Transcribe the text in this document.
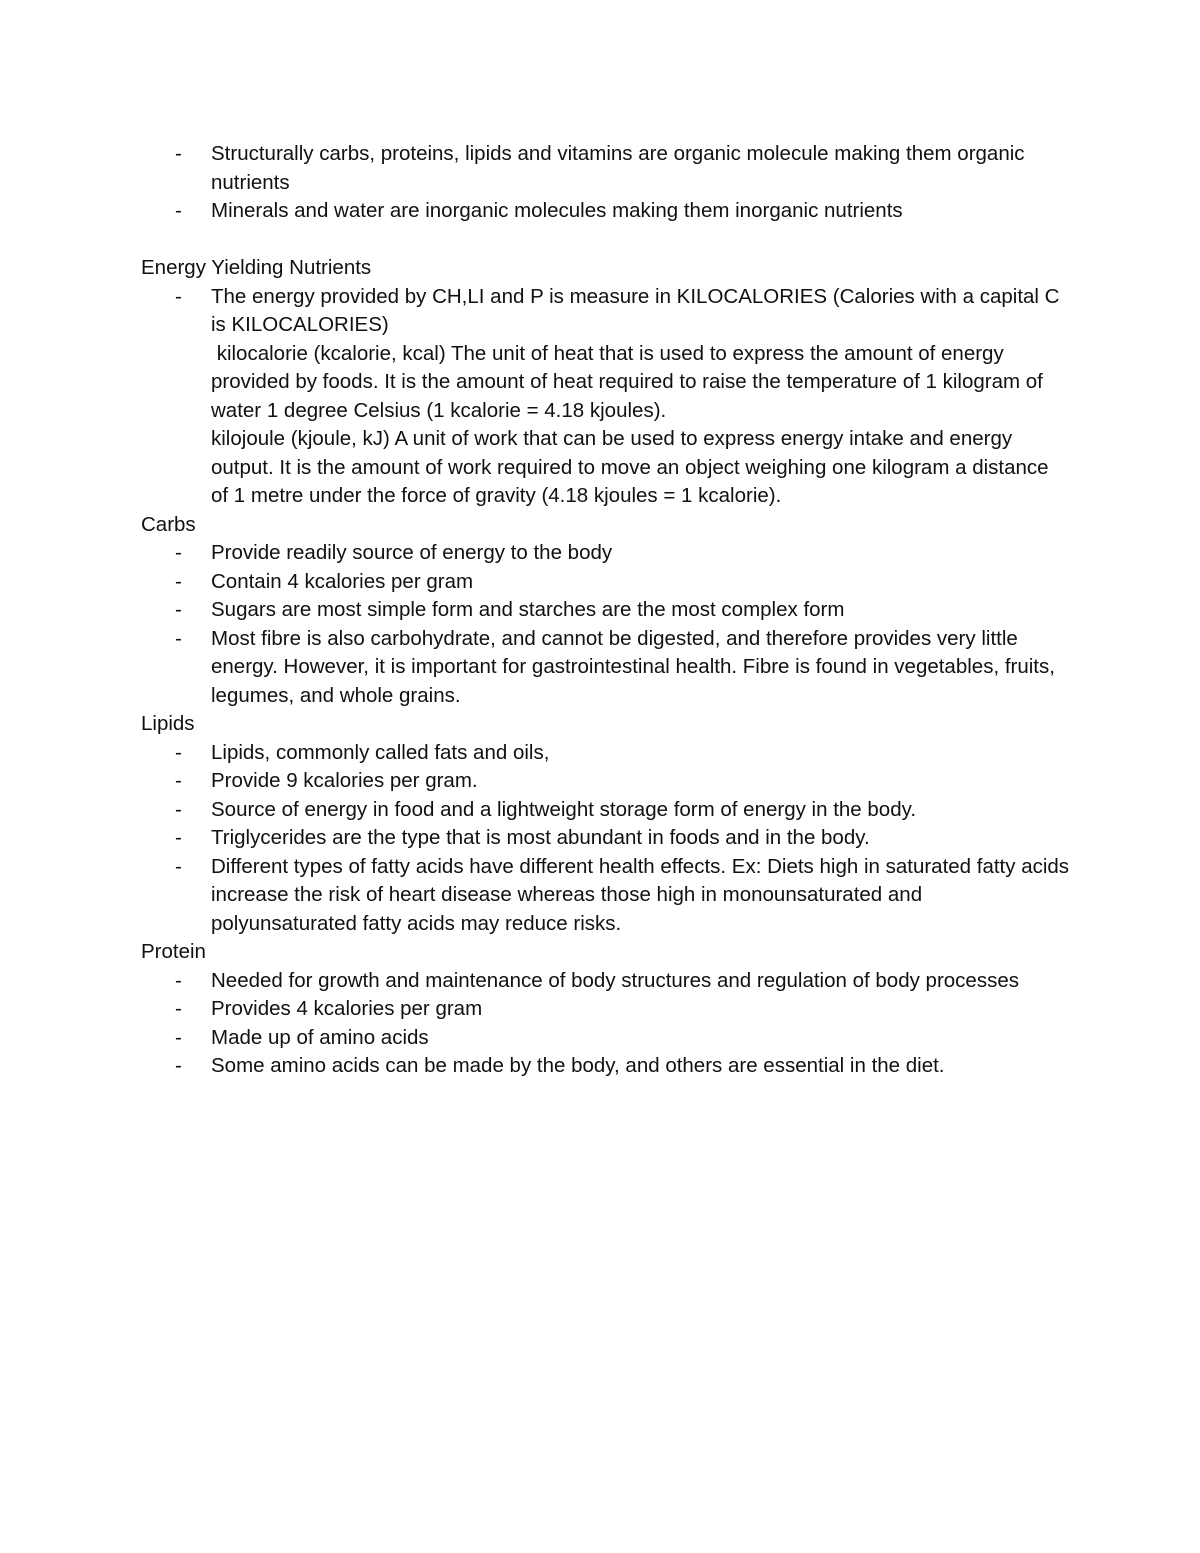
- Structurally carbs, proteins, lipids and vitamins are organic molecule making them organic nutrients
- Minerals and water are inorganic molecules making them inorganic nutrients

Energy Yielding Nutrients

- The energy provided by CH,LI and P is measure in KILOCALORIES (Calories with a capital C is KILOCALORIES)
kilocalorie (kcalorie, kcal) The unit of heat that is used to express the amount of energy provided by foods. It is the amount of heat required to raise the temperature of 1 kilogram of water 1 degree Celsius (1 kcalorie = 4.18 kjoules).
kilojoule (kjoule, kJ) A unit of work that can be used to express energy intake and energy output. It is the amount of work required to move an object weighing one kilogram a distance of 1 metre under the force of gravity (4.18 kjoules = 1 kcalorie).

Carbs

- Provide readily source of energy to the body
- Contain 4 kcalories per gram
- Sugars are most simple form and starches are the most complex form
- Most fibre is also carbohydrate, and cannot be digested, and therefore provides very little energy. However, it is important for gastrointestinal health. Fibre is found in vegetables, fruits, legumes, and whole grains.

Lipids

- Lipids, commonly called fats and oils,
- Provide 9 kcalories per gram.
- Source of energy in food and a lightweight storage form of energy in the body.
- Triglycerides are the type that is most abundant in foods and in the body.
- Different types of fatty acids have different health effects. Ex: Diets high in saturated fatty acids increase the risk of heart disease whereas those high in monounsaturated and polyunsaturated fatty acids may reduce risks.

Protein

- Needed for growth and maintenance of body structures and regulation of body processes
- Provides 4 kcalories per gram
- Made up of amino acids
- Some amino acids can be made by the body, and others are essential in the diet.
